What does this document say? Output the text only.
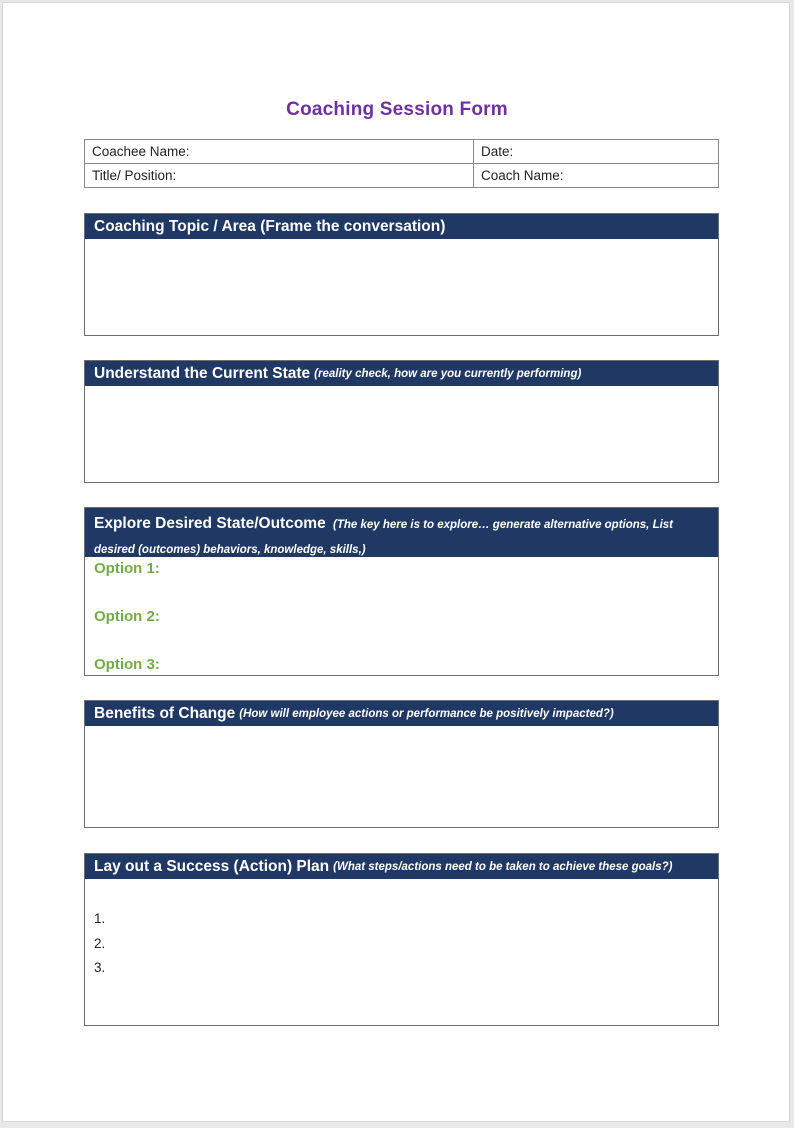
Coaching Session Form
Coachee Name:	Date:
Title/ Position:	Coach Name:
Coaching Topic / Area (Frame the conversation)
Understand the Current State (reality check, how are you currently performing)
Explore Desired State/Outcome (The key here is to explore… generate alternative options, List desired (outcomes) behaviors, knowledge, skills,)
Option 1:
Option 2:
Option 3:
Benefits of Change (How will employee actions or performance be positively impacted?)
Lay out a Success (Action) Plan (What steps/actions need to be taken to achieve these goals?)
1.
2.
3.
